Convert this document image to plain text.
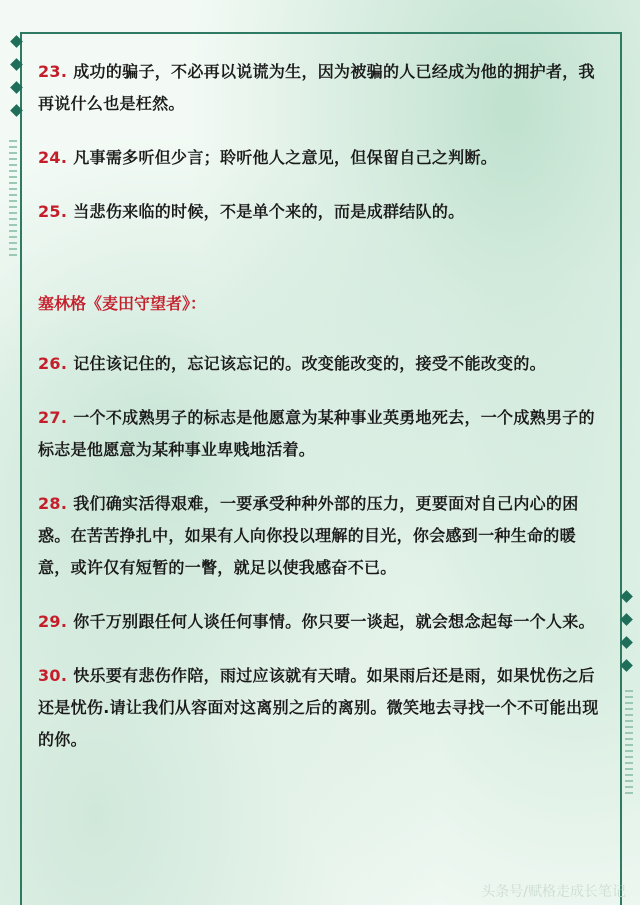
23. 成功的骗子，不必再以说谎为生，因为被骗的人已经成为他的拥护者，我再说什么也是枉然。
24. 凡事需多听但少言；聆听他人之意见，但保留自己之判断。
25. 当悲伤来临的时候，不是单个来的，而是成群结队的。
塞林格《麦田守望者》：
26. 记住该记住的，忘记该忘记的。改变能改变的，接受不能改变的。
27. 一个不成熟男子的标志是他愿意为某种事业英勇地死去，一个成熟男子的标志是他愿意为某种事业卑贱地活着。
28. 我们确实活得艰难，一要承受种种外部的压力，更要面对自己内心的困惑。在苦苦挣扎中，如果有人向你投以理解的目光，你会感到一种生命的暖意，或许仅有短暂的一瞥，就足以使我感奋不已。
29. 你千万别跟任何人谈任何事情。你只要一谈起，就会想念起每一个人来。
30. 快乐要有悲伤作陪，雨过应该就有天晴。如果雨后还是雨，如果忧伤之后还是忧伤.请让我们从容面对这离别之后的离别。微笑地去寻找一个不可能出现的你。
头条号/赋格走成长笔记
